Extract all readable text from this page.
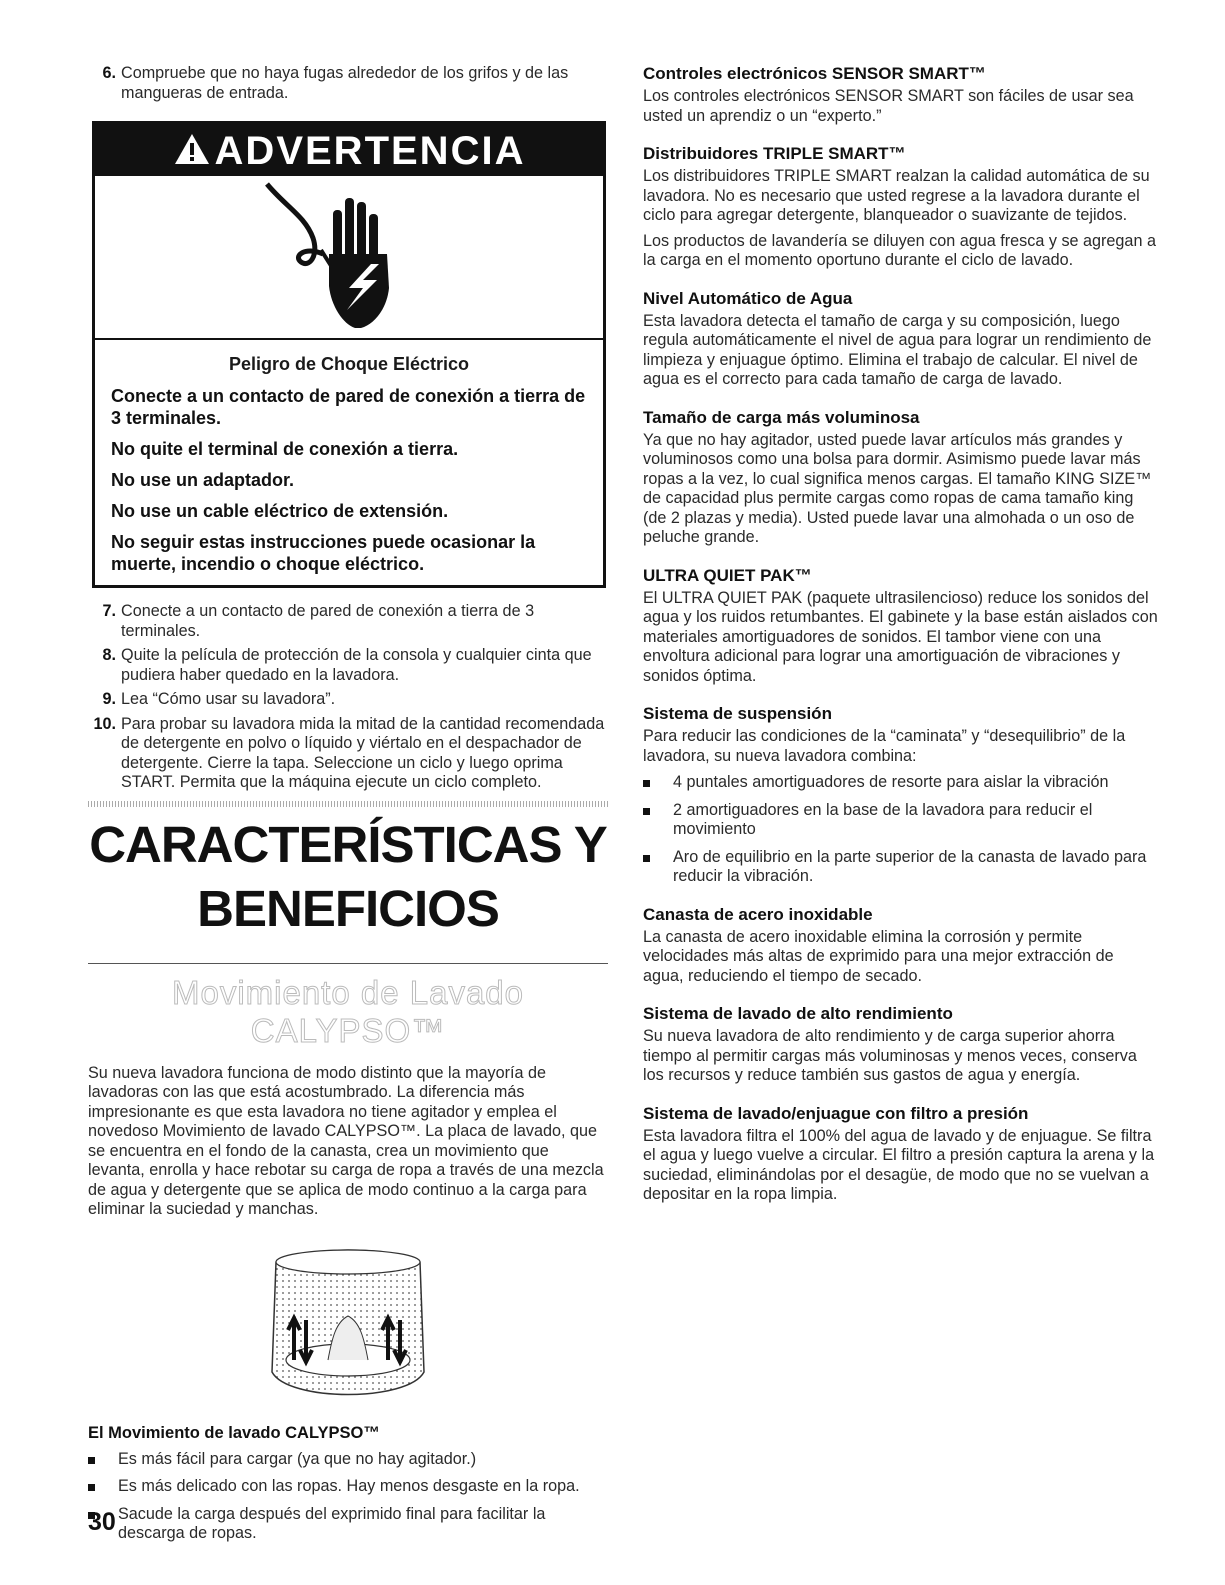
6. Compruebe que no haya fugas alrededor de los grifos y de las mangueras de entrada.
ADVERTENCIA
Peligro de Choque Eléctrico
Conecte a un contacto de pared de conexión a tierra de 3 terminales.
No quite el terminal de conexión a tierra.
No use un adaptador.
No use un cable eléctrico de extensión.
No seguir estas instrucciones puede ocasionar la muerte, incendio o choque eléctrico.
7. Conecte a un contacto de pared de conexión a tierra de 3 terminales.
8. Quite la película de protección de la consola y cualquier cinta que pudiera haber quedado en la lavadora.
9. Lea “Cómo usar su lavadora”.
10. Para probar su lavadora mida la mitad de la cantidad recomendada de detergente en polvo o líquido y viértalo en el despachador de detergente. Cierre la tapa. Seleccione un ciclo y luego oprima START. Permita que la máquina ejecute un ciclo completo.
CARACTERÍSTICAS Y
BENEFICIOS
Movimiento de Lavado CALYPSO™
Su nueva lavadora funciona de modo distinto que la mayoría de lavadoras con las que está acostumbrado. La diferencia más impresionante es que esta lavadora no tiene agitador y emplea el novedoso Movimiento de lavado CALYPSO™. La placa de lavado, que se encuentra en el fondo de la canasta, crea un movimiento que levanta, enrolla y hace rebotar su carga de ropa a través de una mezcla de agua y detergente que se aplica de modo continuo a la carga para eliminar la suciedad y manchas.
El Movimiento de lavado CALYPSO™
Es más fácil para cargar (ya que no hay agitador.)
Es más delicado con las ropas. Hay menos desgaste en la ropa.
Sacude la carga después del exprimido final para facilitar la descarga de ropas.
Controles electrónicos SENSOR SMART™
Los controles electrónicos SENSOR SMART son fáciles de usar sea usted un aprendiz o un “experto.”
Distribuidores TRIPLE SMART™
Los distribuidores TRIPLE SMART realzan la calidad automática de su lavadora. No es necesario que usted regrese a la lavadora durante el ciclo para agregar detergente, blanqueador o suavizante de tejidos.
Los productos de lavandería se diluyen con agua fresca y se agregan a la carga en el momento oportuno durante el ciclo de lavado.
Nivel Automático de Agua
Esta lavadora detecta el tamaño de carga y su composición, luego regula automáticamente el nivel de agua para lograr un rendimiento de limpieza y enjuague óptimo. Elimina el trabajo de calcular. El nivel de agua es el correcto para cada tamaño de carga de lavado.
Tamaño de carga más voluminosa
Ya que no hay agitador, usted puede lavar artículos más grandes y voluminosos como una bolsa para dormir. Asimismo puede lavar más ropas a la vez, lo cual significa menos cargas. El tamaño KING SIZE™ de capacidad plus permite cargas como ropas de cama tamaño king (de 2 plazas y media). Usted puede lavar una almohada o un oso de peluche grande.
ULTRA QUIET PAK™
El ULTRA QUIET PAK (paquete ultrasilencioso) reduce los sonidos del agua y los ruidos retumbantes. El gabinete y la base están aislados con materiales amortiguadores de sonidos. El tambor viene con una envoltura adicional para lograr una amortiguación de vibraciones y sonidos óptima.
Sistema de suspensión
Para reducir las condiciones de la “caminata” y “desequilibrio” de la lavadora, su nueva lavadora combina:
4 puntales amortiguadores de resorte para aislar la vibración
2 amortiguadores en la base de la lavadora para reducir el movimiento
Aro de equilibrio en la parte superior de la canasta de lavado para reducir la vibración.
Canasta de acero inoxidable
La canasta de acero inoxidable elimina la corrosión y permite velocidades más altas de exprimido para una mejor extracción de agua, reduciendo el tiempo de secado.
Sistema de lavado de alto rendimiento
Su nueva lavadora de alto rendimiento y de carga superior ahorra tiempo al permitir cargas más voluminosas y menos veces, conserva los recursos y reduce también sus gastos de agua y energía.
Sistema de lavado/enjuague con filtro a presión
Esta lavadora filtra el 100% del agua de lavado y de enjuague. Se filtra el agua y luego vuelve a circular. El filtro a presión captura la arena y la suciedad, eliminándolas por el desagüe, de modo que no se vuelvan a depositar en la ropa limpia.
30
